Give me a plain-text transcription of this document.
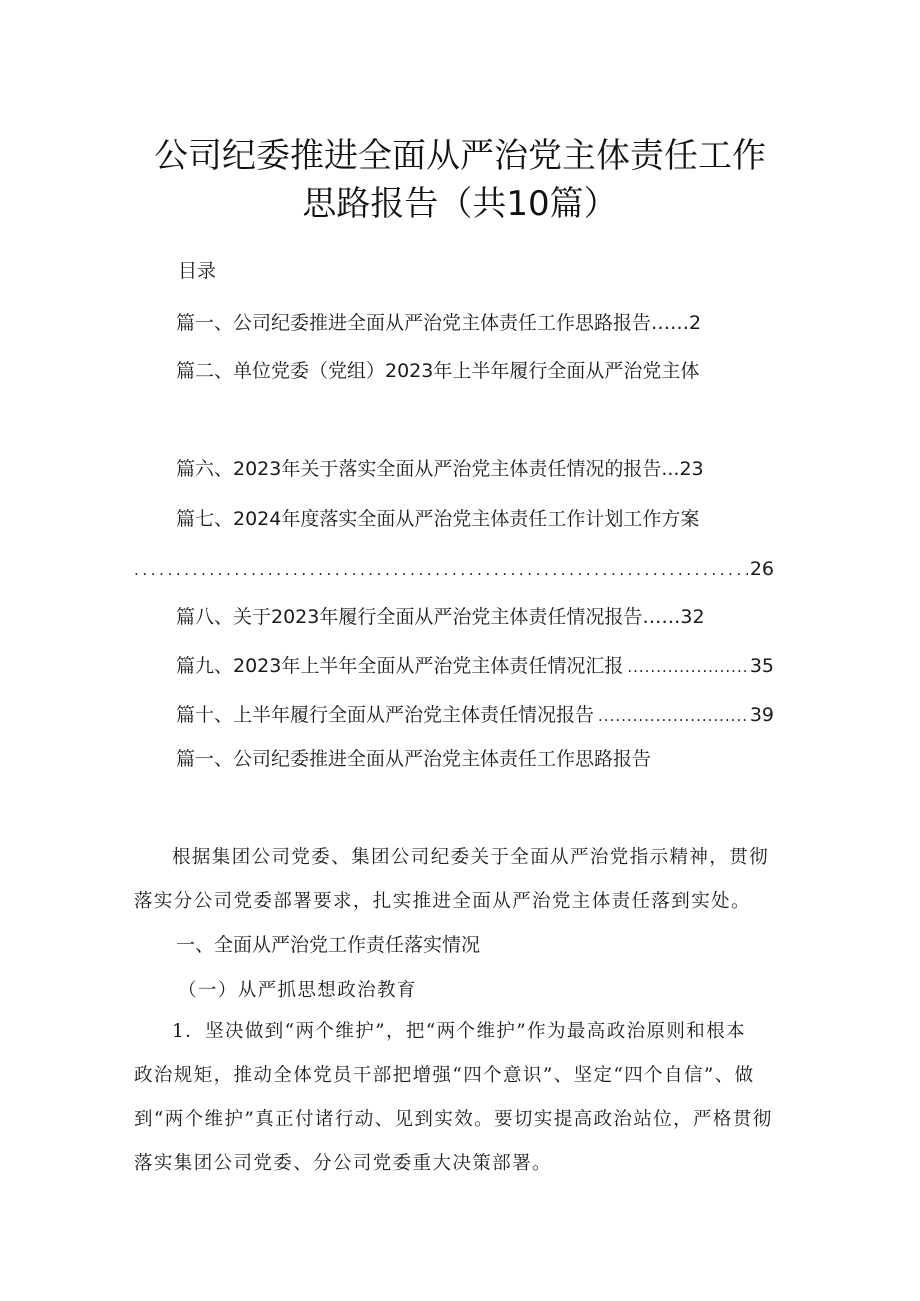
公司纪委推进全面从严治党主体责任工作
思路报告（共10篇）
目录
篇一、公司纪委推进全面从严治党主体责任工作思路报告……2
篇二、单位党委（党组）2023年上半年履行全面从严治党主体
篇六、2023年关于落实全面从严治党主体责任情况的报告...23
篇七、2024年度落实全面从严治党主体责任工作计划工作方案
.....
26
篇八、关于2023年履行全面从严治党主体责任情况报告……32
篇九、2023年上半年全面从严治党主体责任情况汇报 .....	35
篇十、上半年履行全面从严治党主体责任情况报告 .....	39
篇一、公司纪委推进全面从严治党主体责任工作思路报告
根据集团公司党委、集团公司纪委关于全面从严治党指示精神，贯彻
落实分公司党委部署要求，扎实推进全面从严治党主体责任落到实处。
一、全面从严治党工作责任落实情况
（一）从严抓思想政治教育
1．坚决做到“两个维护”，把“两个维护”作为最高政治原则和根本
政治规矩，推动全体党员干部把增强“四个意识”、坚定“四个自信”、做
到“两个维护”真正付诸行动、见到实效。要切实提高政治站位，严格贯彻
落实集团公司党委、分公司党委重大决策部署。
